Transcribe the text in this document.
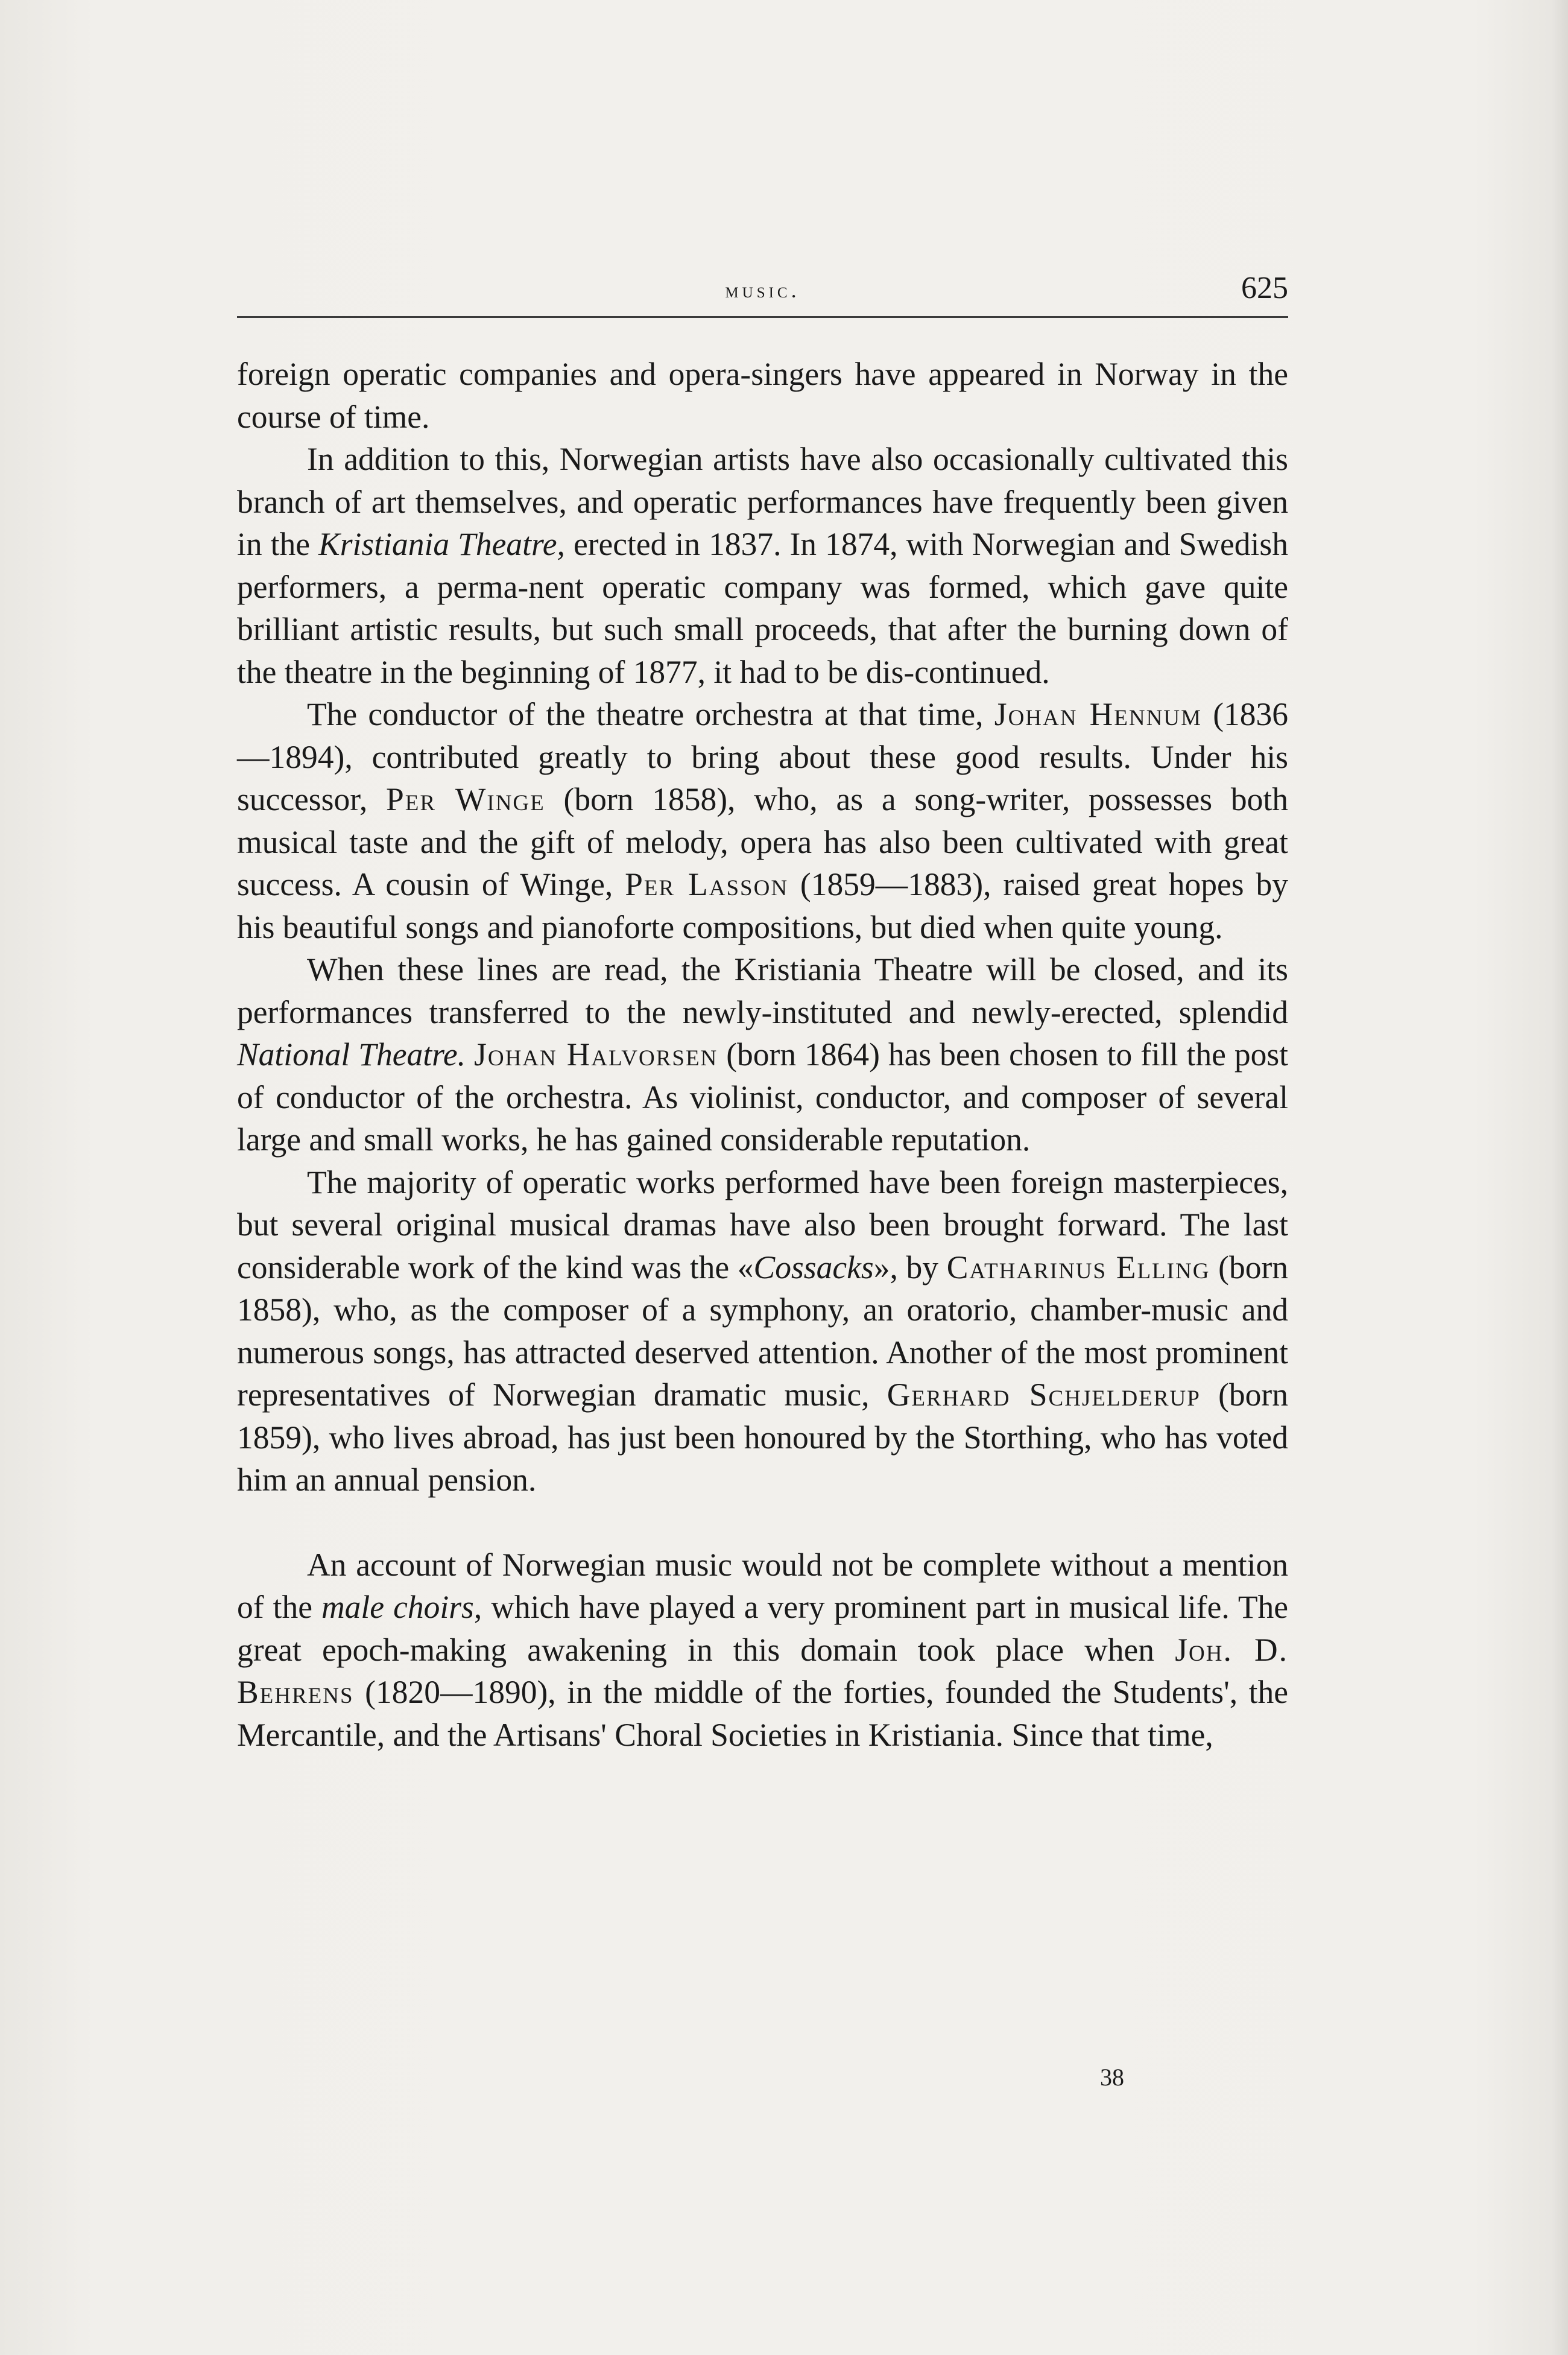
music.	625

foreign operatic companies and opera-singers have appeared in Norway in the course of time.

In addition to this, Norwegian artists have also occasionally cultivated this branch of art themselves, and operatic performances have frequently been given in the Kristiania Theatre, erected in 1837. In 1874, with Norwegian and Swedish performers, a perma-nent operatic company was formed, which gave quite brilliant artistic results, but such small proceeds, that after the burning down of the theatre in the beginning of 1877, it had to be dis-continued.

The conductor of the theatre orchestra at that time, Johan Hennum (1836—1894), contributed greatly to bring about these good results. Under his successor, Per Winge (born 1858), who, as a song-writer, possesses both musical taste and the gift of melody, opera has also been cultivated with great success. A cousin of Winge, Per Lasson (1859—1883), raised great hopes by his beautiful songs and pianoforte compositions, but died when quite young.

When these lines are read, the Kristiania Theatre will be closed, and its performances transferred to the newly-instituted and newly-erected, splendid National Theatre. Johan Halvorsen (born 1864) has been chosen to fill the post of conductor of the orchestra. As violinist, conductor, and composer of several large and small works, he has gained considerable reputation.

The majority of operatic works performed have been foreign masterpieces, but several original musical dramas have also been brought forward. The last considerable work of the kind was the «Cossacks», by Catharinus Elling (born 1858), who, as the composer of a symphony, an oratorio, chamber-music and numerous songs, has attracted deserved attention. Another of the most prominent representatives of Norwegian dramatic music, Gerhard Schjelderup (born 1859), who lives abroad, has just been honoured by the Storthing, who has voted him an annual pension.

An account of Norwegian music would not be complete without a mention of the male choirs, which have played a very prominent part in musical life. The great epoch-making awakening in this domain took place when Joh. D. Behrens (1820—1890), in the middle of the forties, founded the Students', the Mercantile, and the Artisans' Choral Societies in Kristiania. Since that time,

38
